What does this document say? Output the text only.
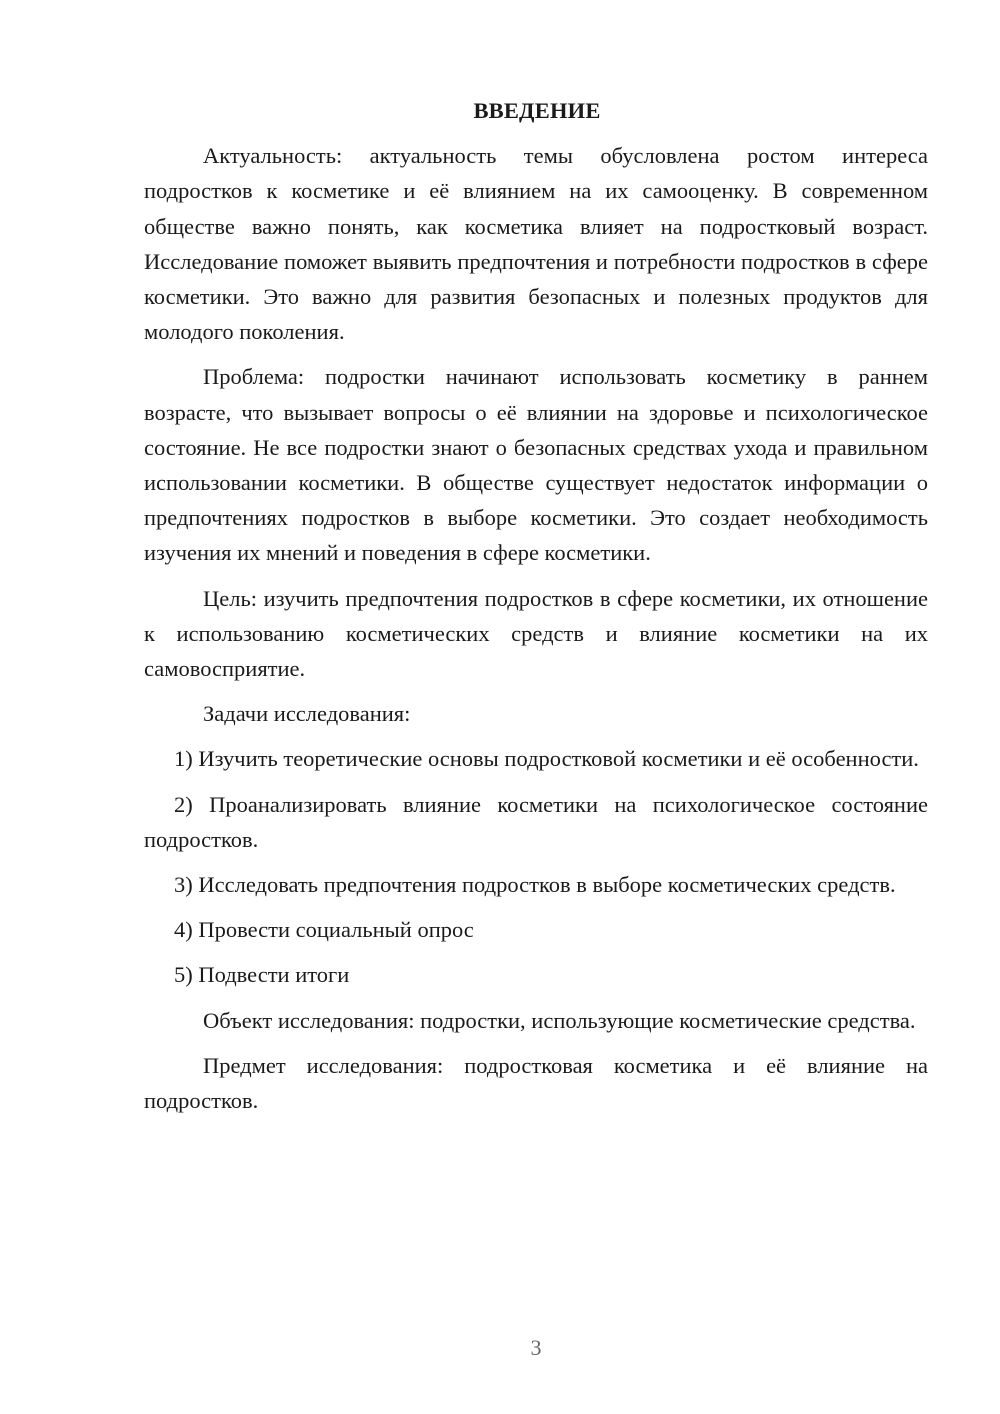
ВВЕДЕНИЕ

Актуальность: актуальность темы обусловлена ростом интереса подростков к косметике и её влиянием на их самооценку. В современном обществе важно понять, как косметика влияет на подростковый возраст. Исследование поможет выявить предпочтения и потребности подростков в сфере косметики. Это важно для развития безопасных и полезных продуктов для молодого поколения.

Проблема: подростки начинают использовать косметику в раннем возрасте, что вызывает вопросы о её влиянии на здоровье и психологическое состояние. Не все подростки знают о безопасных средствах ухода и правильном использовании косметики. В обществе существует недостаток информации о предпочтениях подростков в выборе косметики. Это создает необходимость изучения их мнений и поведения в сфере косметики.

Цель: изучить предпочтения подростков в сфере косметики, их отношение к использованию косметических средств и влияние косметики на их самовосприятие.

Задачи исследования:

1) Изучить теоретические основы подростковой косметики и её особенности.

2) Проанализировать влияние косметики на психологическое состояние подростков.

3) Исследовать предпочтения подростков в выборе косметических средств.

4) Провести социальный опрос

5) Подвести итоги

Объект исследования: подростки, использующие косметические средства.

Предмет исследования: подростковая косметика и её влияние на подростков.

3
